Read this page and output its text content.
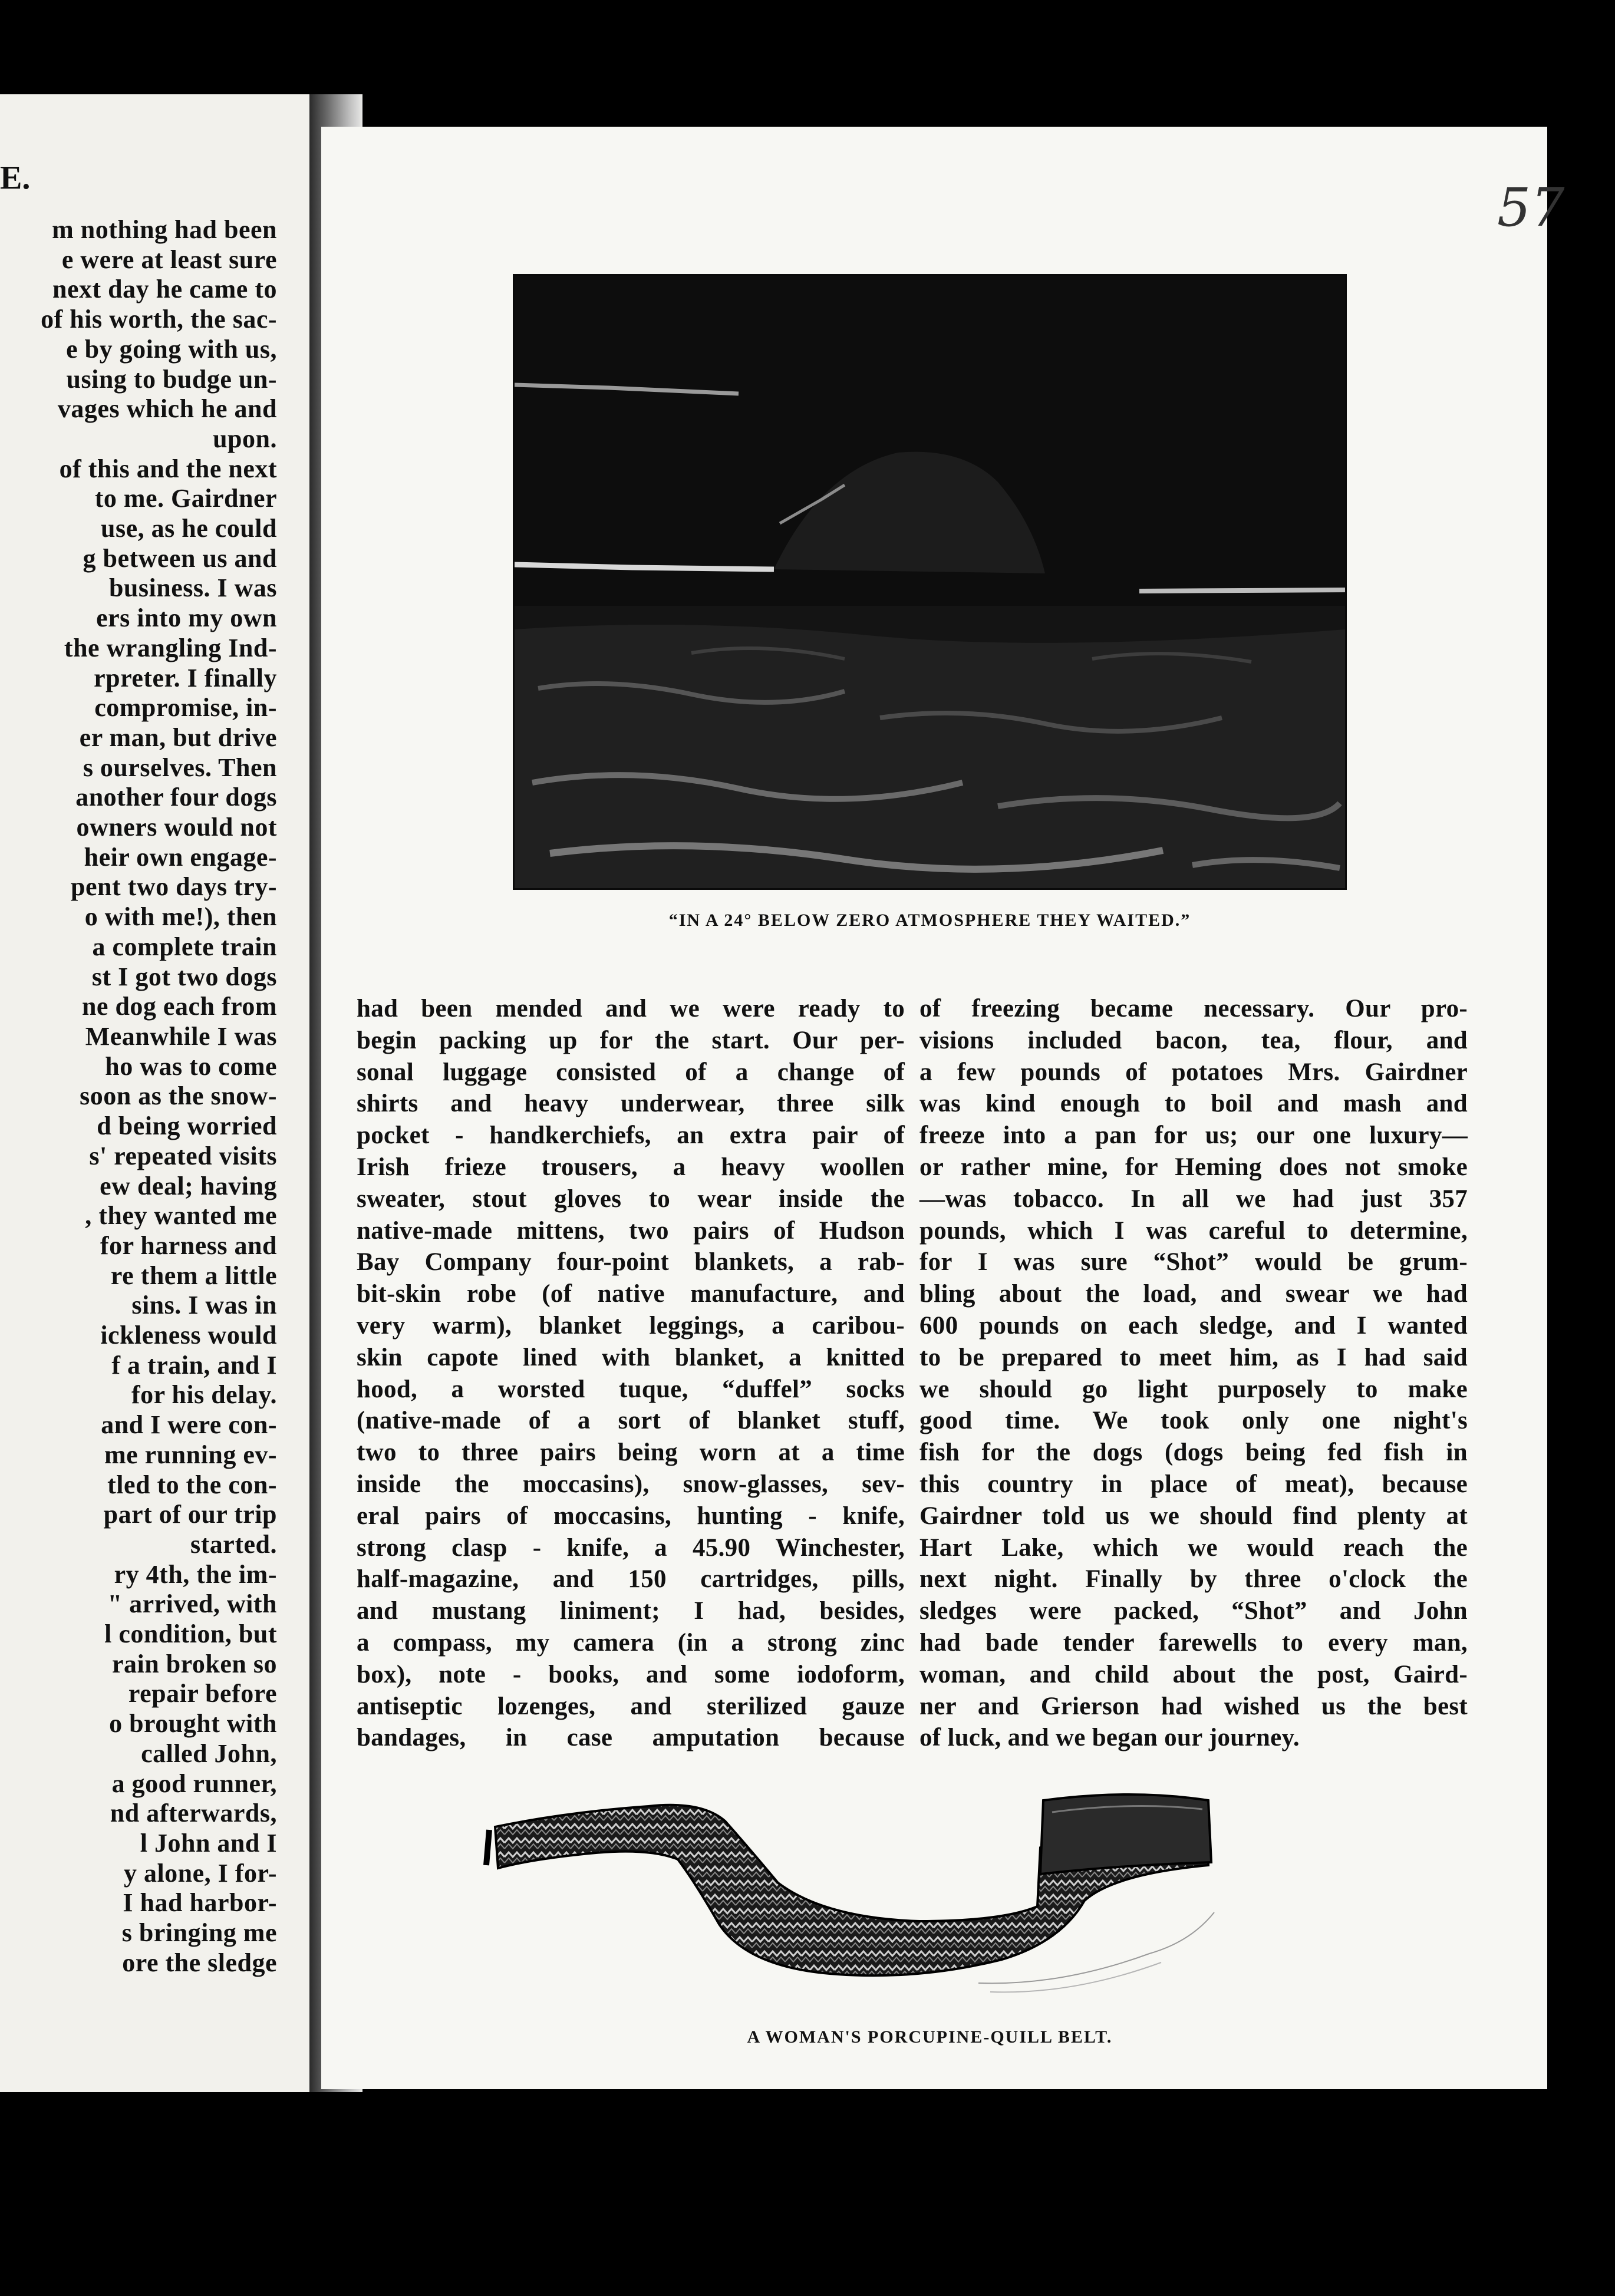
E.
m nothing had been
e were at least sure
next day he came to
of his worth, the sac-
e by going with us,
using to budge un-
vages which he and
upon.
of this and the next
to me. Gairdner
use, as he could
g between us and
business. I was
ers into my own
the wrangling Ind-
rpreter. I finally
compromise, in-
er man, but drive
s ourselves. Then
another four dogs
owners would not
heir own engage-
pent two days try-
o with me!), then
a complete train
st I got two dogs
ne dog each from
Meanwhile I was
ho was to come
soon as the snow-
d being worried
s' repeated visits
ew deal; having
, they wanted me
for harness and
re them a little
sins. I was in
ickleness would
f a train, and I
for his delay.
and I were con-
me running ev-
tled to the con-
part of our trip
started.
ry 4th, the im-
" arrived, with
l condition, but
rain broken so
repair before
o brought with
called John,
a good runner,
nd afterwards,
l John and I
y alone, I for-
I had harbor-
s bringing me
ore the sledge
57
“IN A 24° BELOW ZERO ATMOSPHERE THEY WAITED.”
had been mended and we were ready to
begin packing up for the start. Our per-
sonal luggage consisted of a change of
shirts and heavy underwear, three silk
pocket - handkerchiefs, an extra pair of
Irish frieze trousers, a heavy woollen
sweater, stout gloves to wear inside the
native-made mittens, two pairs of Hudson
Bay Company four-point blankets, a rab-
bit-skin robe (of native manufacture, and
very warm), blanket leggings, a caribou-
skin capote lined with blanket, a knitted
hood, a worsted tuque, “duffel” socks
(native-made of a sort of blanket stuff,
two to three pairs being worn at a time
inside the moccasins), snow-glasses, sev-
eral pairs of moccasins, hunting - knife,
strong clasp - knife, a 45.90 Winchester,
half-magazine, and 150 cartridges, pills,
and mustang liniment; I had, besides,
a compass, my camera (in a strong zinc
box), note - books, and some iodoform,
antiseptic lozenges, and sterilized gauze
bandages, in case amputation because
of freezing became necessary. Our pro-
visions included bacon, tea, flour, and
a few pounds of potatoes Mrs. Gairdner
was kind enough to boil and mash and
freeze into a pan for us; our one luxury—
or rather mine, for Heming does not smoke
—was tobacco. In all we had just 357
pounds, which I was careful to determine,
for I was sure “Shot” would be grum-
bling about the load, and swear we had
600 pounds on each sledge, and I wanted
to be prepared to meet him, as I had said
we should go light purposely to make
good time. We took only one night's
fish for the dogs (dogs being fed fish in
this country in place of meat), because
Gairdner told us we should find plenty at
Hart Lake, which we would reach the
next night. Finally by three o'clock the
sledges were packed, “Shot” and John
had bade tender farewells to every man,
woman, and child about the post, Gaird-
ner and Grierson had wished us the best
of luck, and we began our journey.
A WOMAN'S PORCUPINE-QUILL BELT.
